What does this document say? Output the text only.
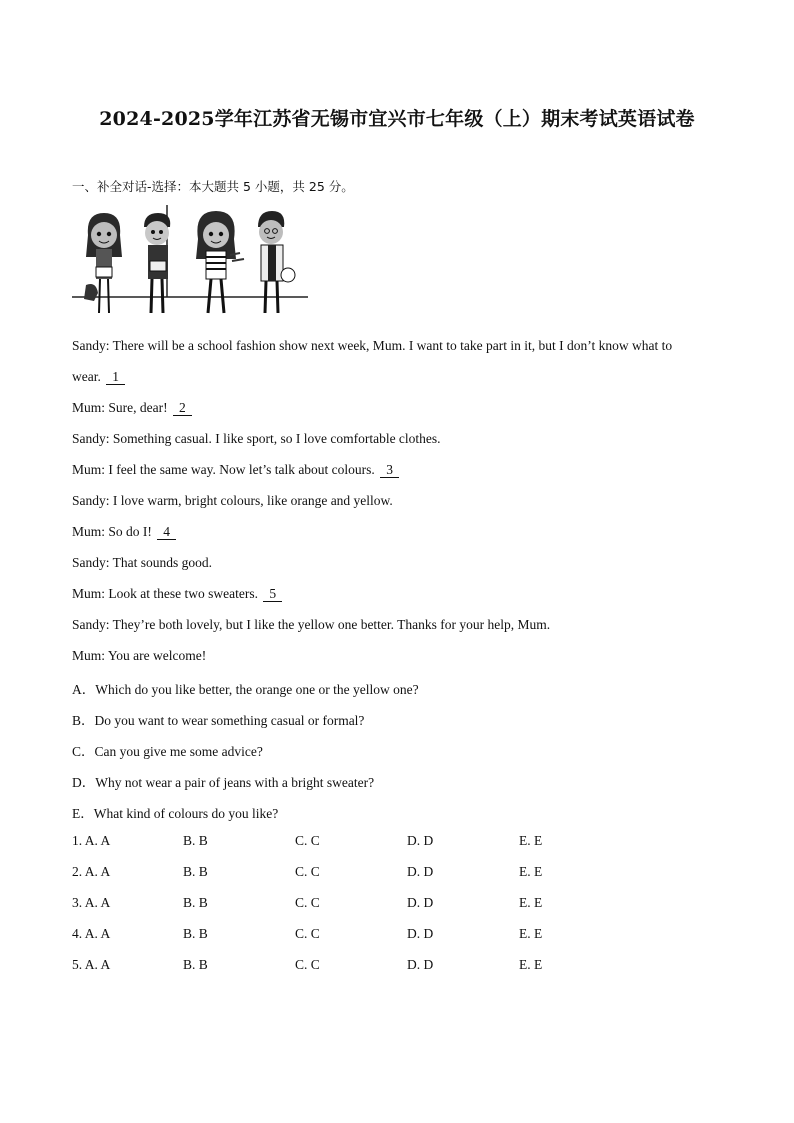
2024-2025学年江苏省无锡市宜兴市七年级（上）期末考试英语试卷
一、补全对话-选择：本大题共 5 小题，共 25 分。

Sandy: There will be a school fashion show next week, Mum. I want to take part in it, but I don’t know what to

wear. 1

Mum: Sure, dear! 2

Sandy: Something casual. I like sport, so I love comfortable clothes.

Mum: I feel the same way. Now let’s talk about colours. 3

Sandy: I love warm, bright colours, like orange and yellow.

Mum: So do I! 4

Sandy: That sounds good.

Mum: Look at these two sweaters. 5

Sandy: They’re both lovely, but I like the yellow one better. Thanks for your help, Mum.

Mum: You are welcome!

A．Which do you like better, the orange one or the yellow one?

B．Do you want to wear something casual or formal?

C．Can you give me some advice?

D．Why not wear a pair of jeans with a bright sweater?

E．What kind of colours do you like?

1. A. A	B. B	C. C	D. D	E. E
2. A. A	B. B	C. C	D. D	E. E
3. A. A	B. B	C. C	D. D	E. E
4. A. A	B. B	C. C	D. D	E. E
5. A. A	B. B	C. C	D. D	E. E
